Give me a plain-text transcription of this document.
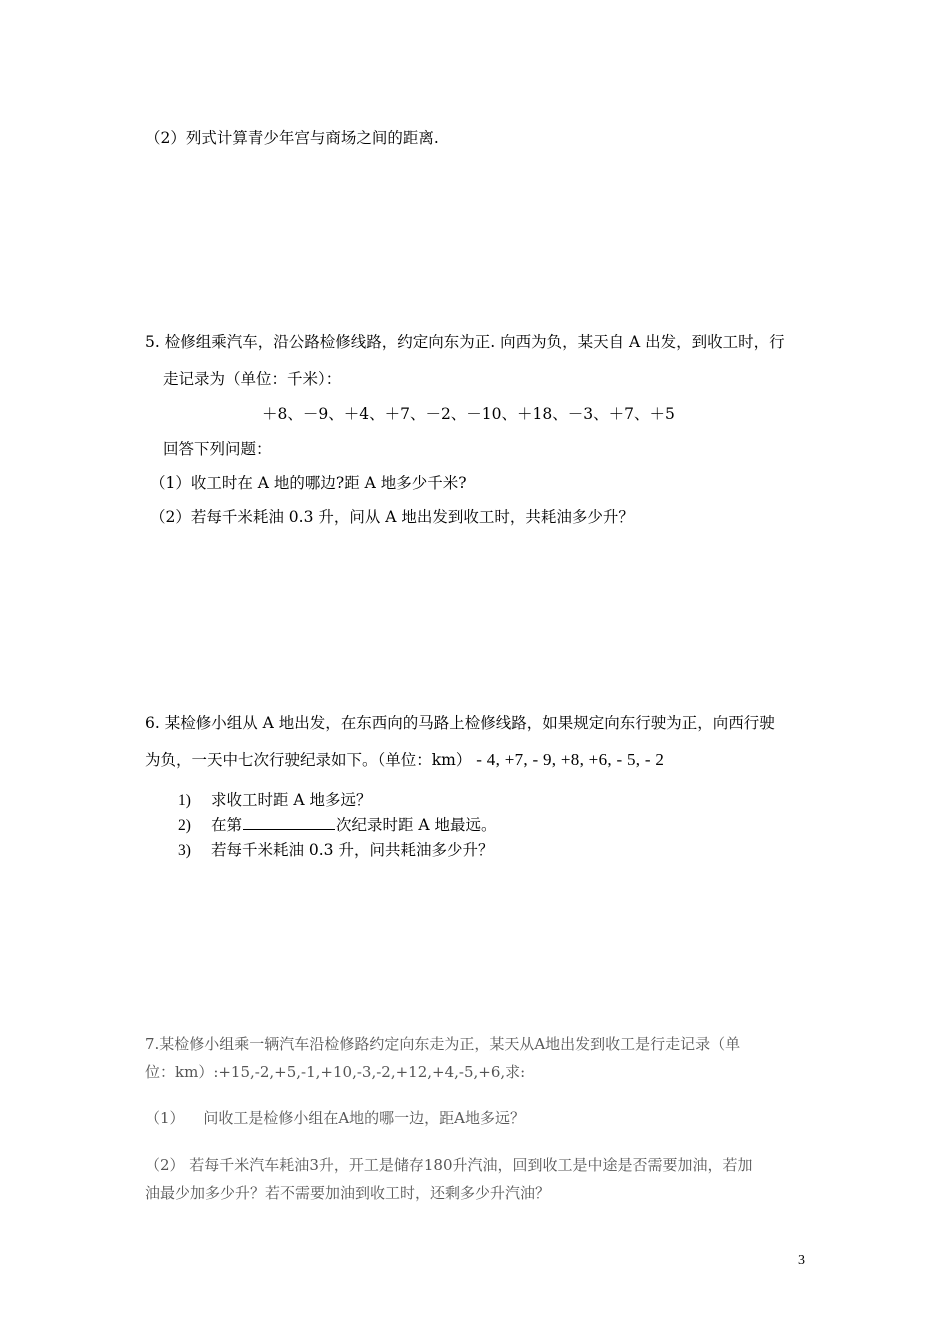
（2）列式计算青少年宫与商场之间的距离.
5. 检修组乘汽车，沿公路检修线路，约定向东为正. 向西为负，某天自 A 出发，到收工时，行
走记录为（单位：千米）：
＋8、－9、＋4、＋7、－2、－10、＋18、－3、＋7、＋5
回答下列问题：
（1）收工时在 A 地的哪边?距 A 地多少千米?
（2）若每千米耗油 0.3 升，问从 A 地出发到收工时，共耗油多少升？
6. 某检修小组从 A 地出发，在东西向的马路上检修线路，如果规定向东行驶为正，向西行驶
为负，一天中七次行驶纪录如下。（单位：km） - 4, +7, - 9, +8, +6, - 5, - 2
1) 求收工时距 A 地多远？
2) 在第	次纪录时距 A 地最远。
3) 若每千米耗油 0.3 升，问共耗油多少升？
7.某检修小组乘一辆汽车沿检修路约定向东走为正，某天从A地出发到收工是行走记录（单
位：km）:+15,-2,+5,-1,+10,-3,-2,+12,+4,-5,+6,求:
（1） 问收工是检修小组在A地的哪一边，距A地多远？
（2） 若每千米汽车耗油3升，开工是储存180升汽油，回到收工是中途是否需要加油，若加
油最少加多少升？若不需要加油到收工时，还剩多少升汽油？
3
